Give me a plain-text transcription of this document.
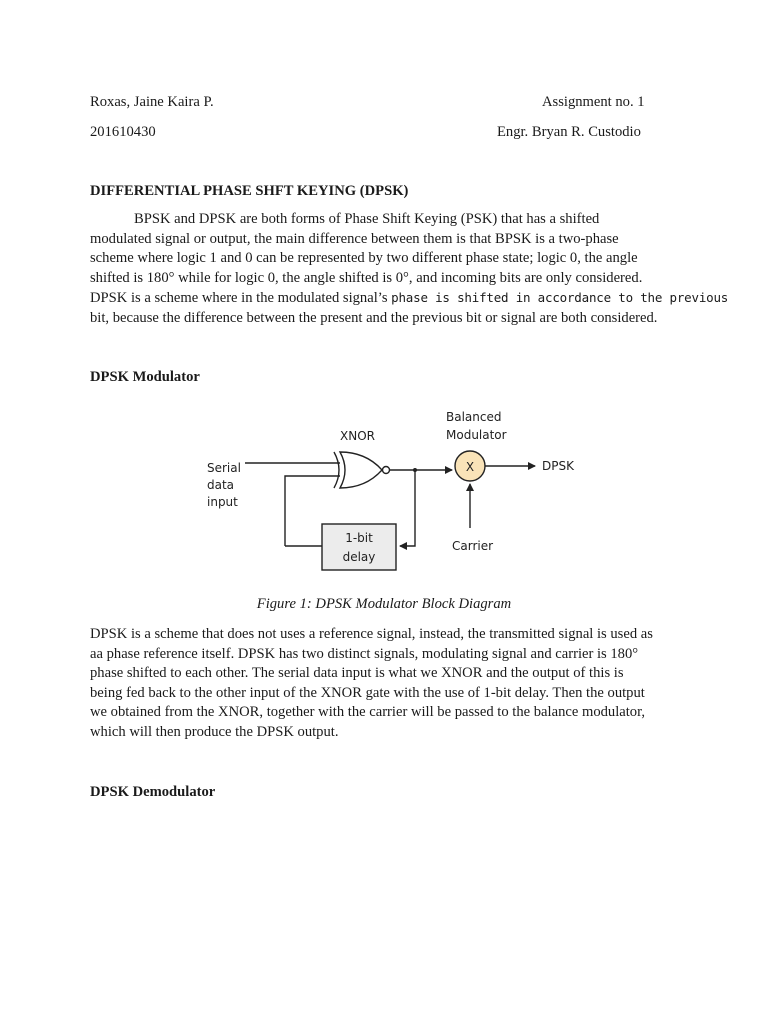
Roxas, Jaine Kaira P.	Assignment no. 1
201610430	Engr. Bryan R. Custodio
DIFFERENTIAL PHASE SHFT KEYING (DPSK)
BPSK and DPSK are both forms of Phase Shift Keying (PSK) that has a shifted
modulated signal or output, the main difference between them is that BPSK is a two-phase
scheme where logic 1 and 0 can be represented by two different phase state; logic 0, the angle
shifted is 180° while for logic 0, the angle shifted is 0°, and incoming bits are only considered.
DPSK is a scheme where in the modulated signal’s phase is shifted in accordance to the previous
bit, because the difference between the present and the previous bit or signal are both considered.
DPSK Modulator
XNOR
Serial
data
input
1-bit
delay
Balanced
Modulator
X	DPSK
Carrier
Figure 1: DPSK Modulator Block Diagram
DPSK is a scheme that does not uses a reference signal, instead, the transmitted signal is used as
aa phase reference itself. DPSK has two distinct signals, modulating signal and carrier is 180°
phase shifted to each other. The serial data input is what we XNOR and the output of this is
being fed back to the other input of the XNOR gate with the use of 1-bit delay. Then the output
we obtained from the XNOR, together with the carrier will be passed to the balance modulator,
which will then produce the DPSK output.
DPSK Demodulator
